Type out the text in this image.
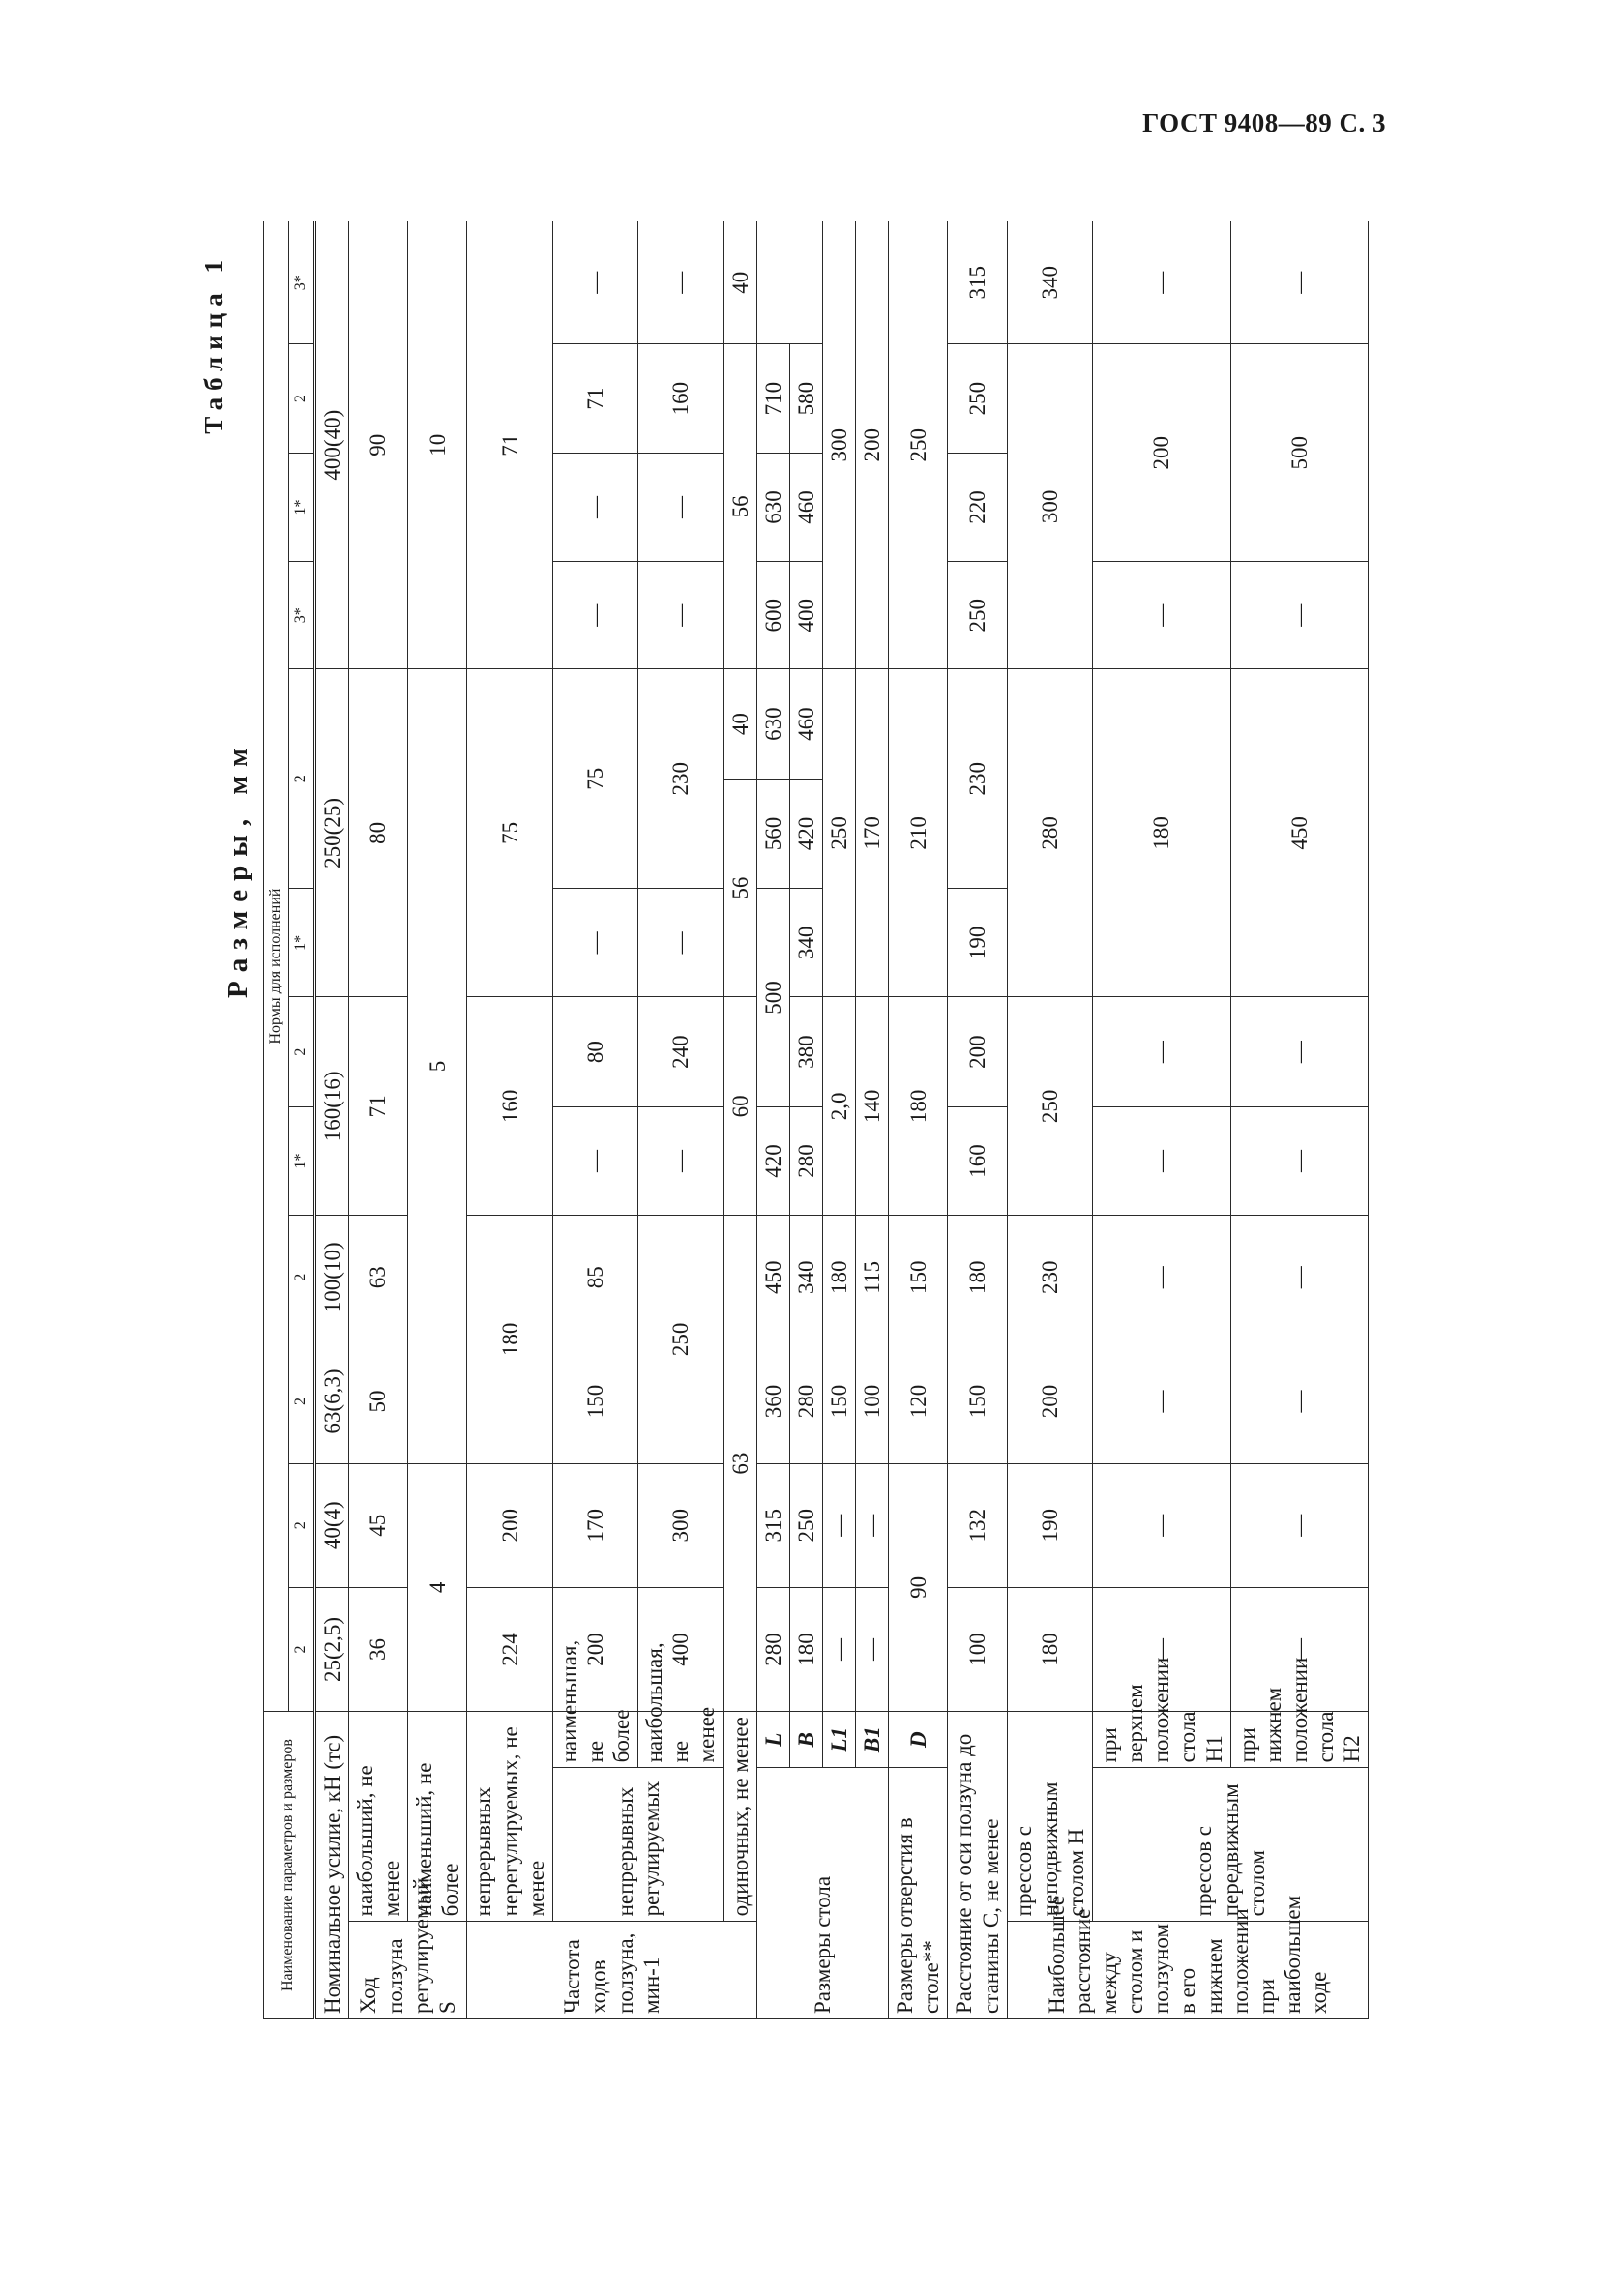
ГОСТ 9408—89 С. 3
Таблица 1
Размеры, мм
Наименование параметров и размеров			Нормы для исполнений												
			2	2	2	2	1*	2	1*	2		3*	1*	2	3*
Номинальное усилие, кН (тс)			25(2,5)	40(4)	63(6,3)	100(10)	160(16)		250(25)			400(40)			
Ход ползуна регулируемый S	наибольший, не менее		36	45	50	63	71		80			90			
	наименьший, не более		4		5							10			
Частота ходов ползуна, мин-1	непрерывных нерегулируемых, не менее		224	200	180		160		75			71			
	непрерывных регулируемых	наименьшая, не более	200	170	150	85	—	80	—	75		—	—	71	—
		наибольшая, не менее	400	300	250		—	240	—	230		—	—	160	—
	одиночных, не менее		63				60		56		40	56			40
Размеры стола		L	280	315	360	450	420	500		560	630	600	630	710	
		B	180	250	280	340	280	380	340	420	460	400	460	580	
		L1	—	—	150	180	2,0		250			300			
		B1	—	—	100	115	140		170			200			
Размеры отверстия в столе**		D	90		120	150	180		210			250			
Расстояние от оси ползуна до станины C, не менее			100	132	150	180	160	200	190	230		250	220	250	315
Наибольшее расстояние между столом и ползуном в его нижнем положении при наибольшем ходе	прессов с неподвижным столом H		180	190	200	230	250		280			300			340
	прессов с передвижным столом	при верхнем положении стола H1	—	—	—	—	—	—	180			—	200		—
		при нижнем положении стола H2	—	—	—	—	—	—	450			—	500		—
